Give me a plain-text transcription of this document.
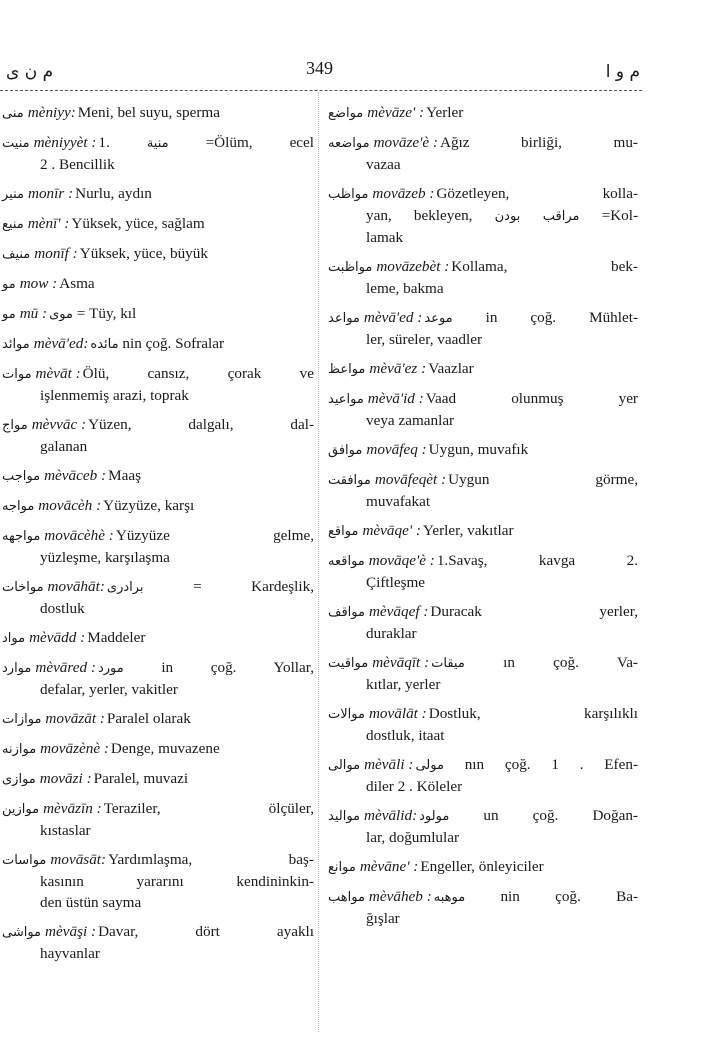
م ن ی	349	م و ا
منی mèniyy: Meni, bel suyu, sperma
منیت mèniyyèt : 1.	منیة =Ölüm, ecel
2 . Bencillik
منیر monīr : Nurlu, aydın
منیع mènī' : Yüksek, yüce, sağlam
منیف monīf : Yüksek, yüce, büyük
مو mow : Asma
مو mū : موی = Tüy, kıl
موائد mèvā'ed: مائده nin çoğ. Sofralar
موات mèvāt : Ölü, cansız, çorak ve
işlenmemiş arazi, toprak
مواج mèvvāc : Yüzen, dalgalı, dal-
galanan
مواجب mèvāceb : Maaş
مواجه movācèh : Yüzyüze, karşı
مواجهه movācèhè : Yüzyüze gelme,
yüzleşme, karşılaşma
مواخات movāhāt: برادری	= Kardeşlik,
dostluk
مواد mèvādd : Maddeler
موارد mèvāred : مورد in çoğ. Yollar,
defalar, yerler, vakitler
موازات movāzāt : Paralel olarak
موازنه movāzènè : Denge, muvazene
موازی movāzi : Paralel, muvazi
موازین mèvāzīn : Teraziler, ölçüler,
kıstaslar
مواسات movāsāt: Yardımlaşma, baş-
kasının yararını kendininkin-
den üstün sayma
مواشی mèvāşi : Davar, dört ayaklı
hayvanlar
مواضع mèvāze' : Yerler
مواضعه movāze'è : Ağız birliği, mu-
vazaa
مواظب movāzeb : Gözetleyen, kolla-
yan, bekleyen, مراقب بودن =Kol-
lamak
مواظبت movāzebèt : Kollama, bek-
leme, bakma
مواعد mèvā'ed : موعد in çoğ. Mühlet-
ler, süreler, vaadler
مواعظ mèvā'ez : Vaazlar
مواعید mèvā'id : Vaad olunmuş yer
veya zamanlar
موافق movāfeq : Uygun, muvafık
موافقت movāfeqèt : Uygun görme,
muvafakat
مواقع mèvāqe' : Yerler, vakıtlar
مواقعه movāqe'è : 1.Savaş, kavga 2.
Çiftleşme
مواقف mèvāqef : Duracak yerler,
duraklar
مواقیت mèvāqīt : میقات	ın çoğ. Va-
kıtlar, yerler
موالات movālāt : Dostluk, karşılıklı
dostluk, itaat
موالی mèvāli : مولی nın çoğ. 1 . Efen-
diler 2 . Köleler
موالید mèvālid: مولود un çoğ. Doğan-
lar, doğumlular
موانع mèvāne' : Engeller, önleyiciler
مواهب mèvāheb : موهبه nin çoğ. Ba-
ğışlar
